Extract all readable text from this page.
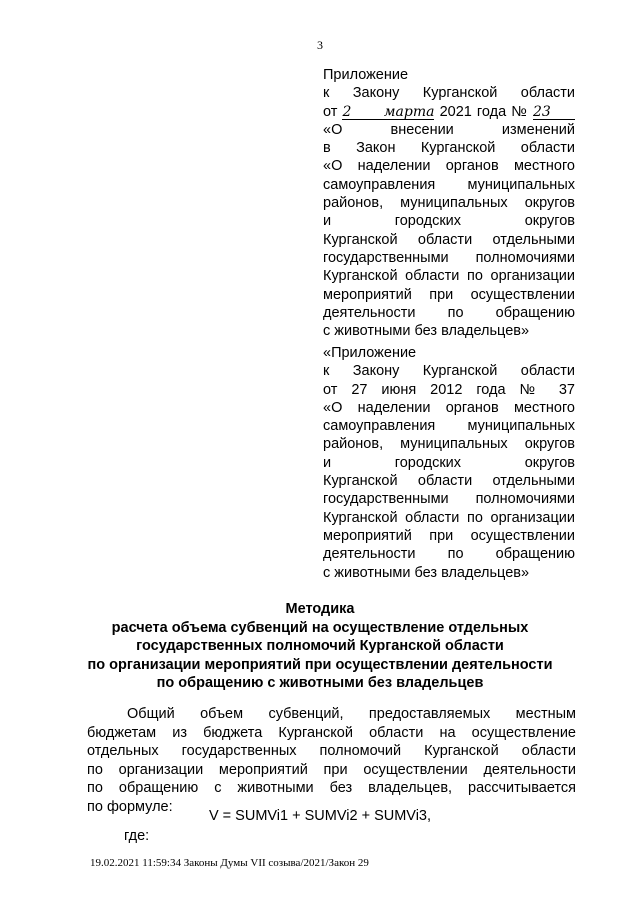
3
Приложение
к Закону Курганской области
от 2 марта 2021 года № 23
«О внесении изменений
в Закон Курганской области
«О наделении органов местного
самоуправления муниципальных
районов, муниципальных округов
и городских округов
Курганской области отдельными
государственными полномочиями
Курганской области по организации
мероприятий при осуществлении
деятельности по обращению
с животными без владельцев»
«Приложение
к Закону Курганской области
от 27 июня 2012 года № 37
«О наделении органов местного
самоуправления муниципальных
районов, муниципальных округов
и городских округов
Курганской области отдельными
государственными полномочиями
Курганской области по организации
мероприятий при осуществлении
деятельности по обращению
с животными без владельцев»
Методика
расчета объема субвенций на осуществление отдельных
государственных полномочий Курганской области
по организации мероприятий при осуществлении деятельности
по обращению с животными без владельцев
Общий объем субвенций, предоставляемых местным
бюджетам из бюджета Курганской области на осуществление
отдельных государственных полномочий Курганской области
по организации мероприятий при осуществлении деятельности
по обращению с животными без владельцев, рассчитывается
по формуле:
V = SUMVi1 + SUMVi2 + SUMVi3,
где:
19.02.2021 11:59:34 Законы Думы VII созыва/2021/Закон 29
